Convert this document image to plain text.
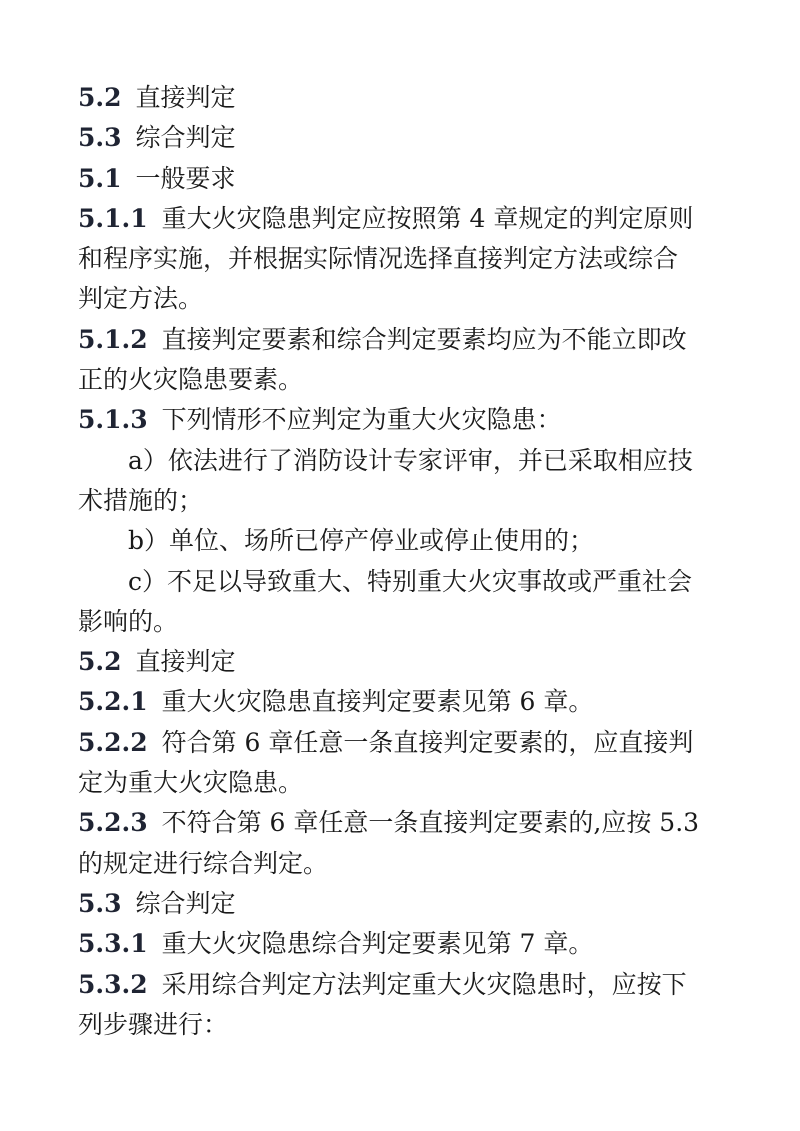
5.2 直接判定
5.3 综合判定
5.1 一般要求
5.1.1 重大火灾隐患判定应按照第 4 章规定的判定原则
和程序实施，并根据实际情况选择直接判定方法或综合
判定方法。
5.1.2 直接判定要素和综合判定要素均应为不能立即改
正的火灾隐患要素。
5.1.3 下列情形不应判定为重大火灾隐患：
a）依法进行了消防设计专家评审，并已采取相应技
术措施的；
b）单位、场所已停产停业或停止使用的；
c）不足以导致重大、特别重大火灾事故或严重社会
影响的。
5.2 直接判定
5.2.1 重大火灾隐患直接判定要素见第 6 章。
5.2.2 符合第 6 章任意一条直接判定要素的，应直接判
定为重大火灾隐患。
5.2.3 不符合第 6 章任意一条直接判定要素的,应按 5.3
的规定进行综合判定。
5.3 综合判定
5.3.1 重大火灾隐患综合判定要素见第 7 章。
5.3.2 采用综合判定方法判定重大火灾隐患时，应按下
列步骤进行：
